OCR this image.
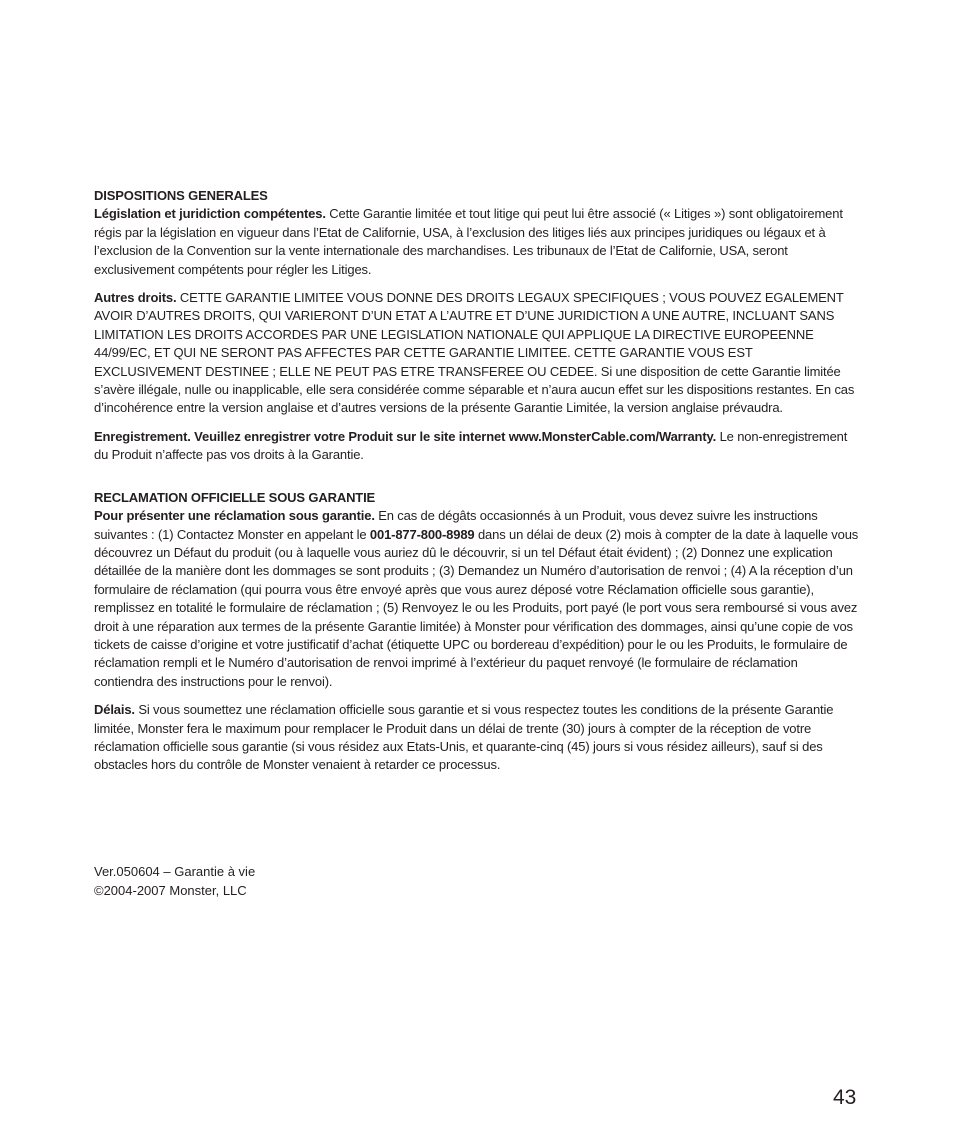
DISPOSITIONS GENERALES

Législation et juridiction compétentes. Cette Garantie limitée et tout litige qui peut lui être associé (« Litiges ») sont obligatoirement régis par la législation en vigueur dans l’Etat de Californie, USA, à l’exclusion des litiges liés aux principes juridiques ou légaux et à l’exclusion de la Convention sur la vente internationale des marchandises. Les tribunaux de l’Etat de Californie, USA, seront exclusivement compétents pour régler les Litiges.

Autres droits. CETTE GARANTIE LIMITEE VOUS DONNE DES DROITS LEGAUX SPECIFIQUES ; VOUS POUVEZ EGALEMENT AVOIR D’AUTRES DROITS, QUI VARIERONT D’UN ETAT A L’AUTRE ET D’UNE JURIDICTION A UNE AUTRE, INCLUANT SANS LIMITATION LES DROITS ACCORDES PAR UNE LEGISLATION NATIONALE QUI APPLIQUE LA DIRECTIVE EUROPEENNE 44/99/EC, ET QUI NE SERONT PAS AFFECTES PAR CETTE GARANTIE LIMITEE. CETTE GARANTIE VOUS EST EXCLUSIVEMENT DESTINEE ; ELLE NE PEUT PAS ETRE TRANSFEREE OU CEDEE. Si une disposition de cette Garantie limitée s’avère illégale, nulle ou inapplicable, elle sera considérée comme séparable et n’aura aucun effet sur les dispositions restantes. En cas d’incohérence entre la version anglaise et d’autres versions de la présente Garantie Limitée, la version anglaise prévaudra.

Enregistrement. Veuillez enregistrer votre Produit sur le site internet www.MonsterCable.com/Warranty. Le non-enregistrement du Produit n’affecte pas vos droits à la Garantie.

RECLAMATION OFFICIELLE SOUS GARANTIE

Pour présenter une réclamation sous garantie. En cas de dégâts occasionnés à un Produit, vous devez suivre les instructions suivantes : (1) Contactez Monster en appelant le 001-877-800-8989 dans un délai de deux (2) mois à compter de la date à laquelle vous découvrez un Défaut du produit (ou à laquelle vous auriez dû le découvrir, si un tel Défaut était évident) ; (2) Donnez une explication détaillée de la manière dont les dommages se sont produits ; (3) Demandez un Numéro d’autorisation de renvoi ; (4) A la réception d’un formulaire de réclamation (qui pourra vous être envoyé après que vous aurez déposé votre Réclamation officielle sous garantie), remplissez en totalité le formulaire de réclamation ; (5) Renvoyez le ou les Produits, port payé (le port vous sera remboursé si vous avez droit à une réparation aux termes de la présente Garantie limitée) à Monster pour vérification des dommages, ainsi qu’une copie de vos tickets de caisse d’origine et votre justificatif d’achat (étiquette UPC ou bordereau d’expédition) pour le ou les Produits, le formulaire de réclamation rempli et le Numéro d’autorisation de renvoi imprimé à l’extérieur du paquet renvoyé (le formulaire de réclamation contiendra des instructions pour le renvoi).

Délais. Si vous soumettez une réclamation officielle sous garantie et si vous respectez toutes les conditions de la présente Garantie limitée, Monster fera le maximum pour remplacer le Produit dans un délai de trente (30) jours à compter de la réception de votre réclamation officielle sous garantie (si vous résidez aux Etats-Unis, et quarante-cinq (45) jours si vous résidez ailleurs), sauf si des obstacles hors du contrôle de Monster venaient à retarder ce processus.

Ver.050604 – Garantie à vie
©2004-2007 Monster, LLC
43
